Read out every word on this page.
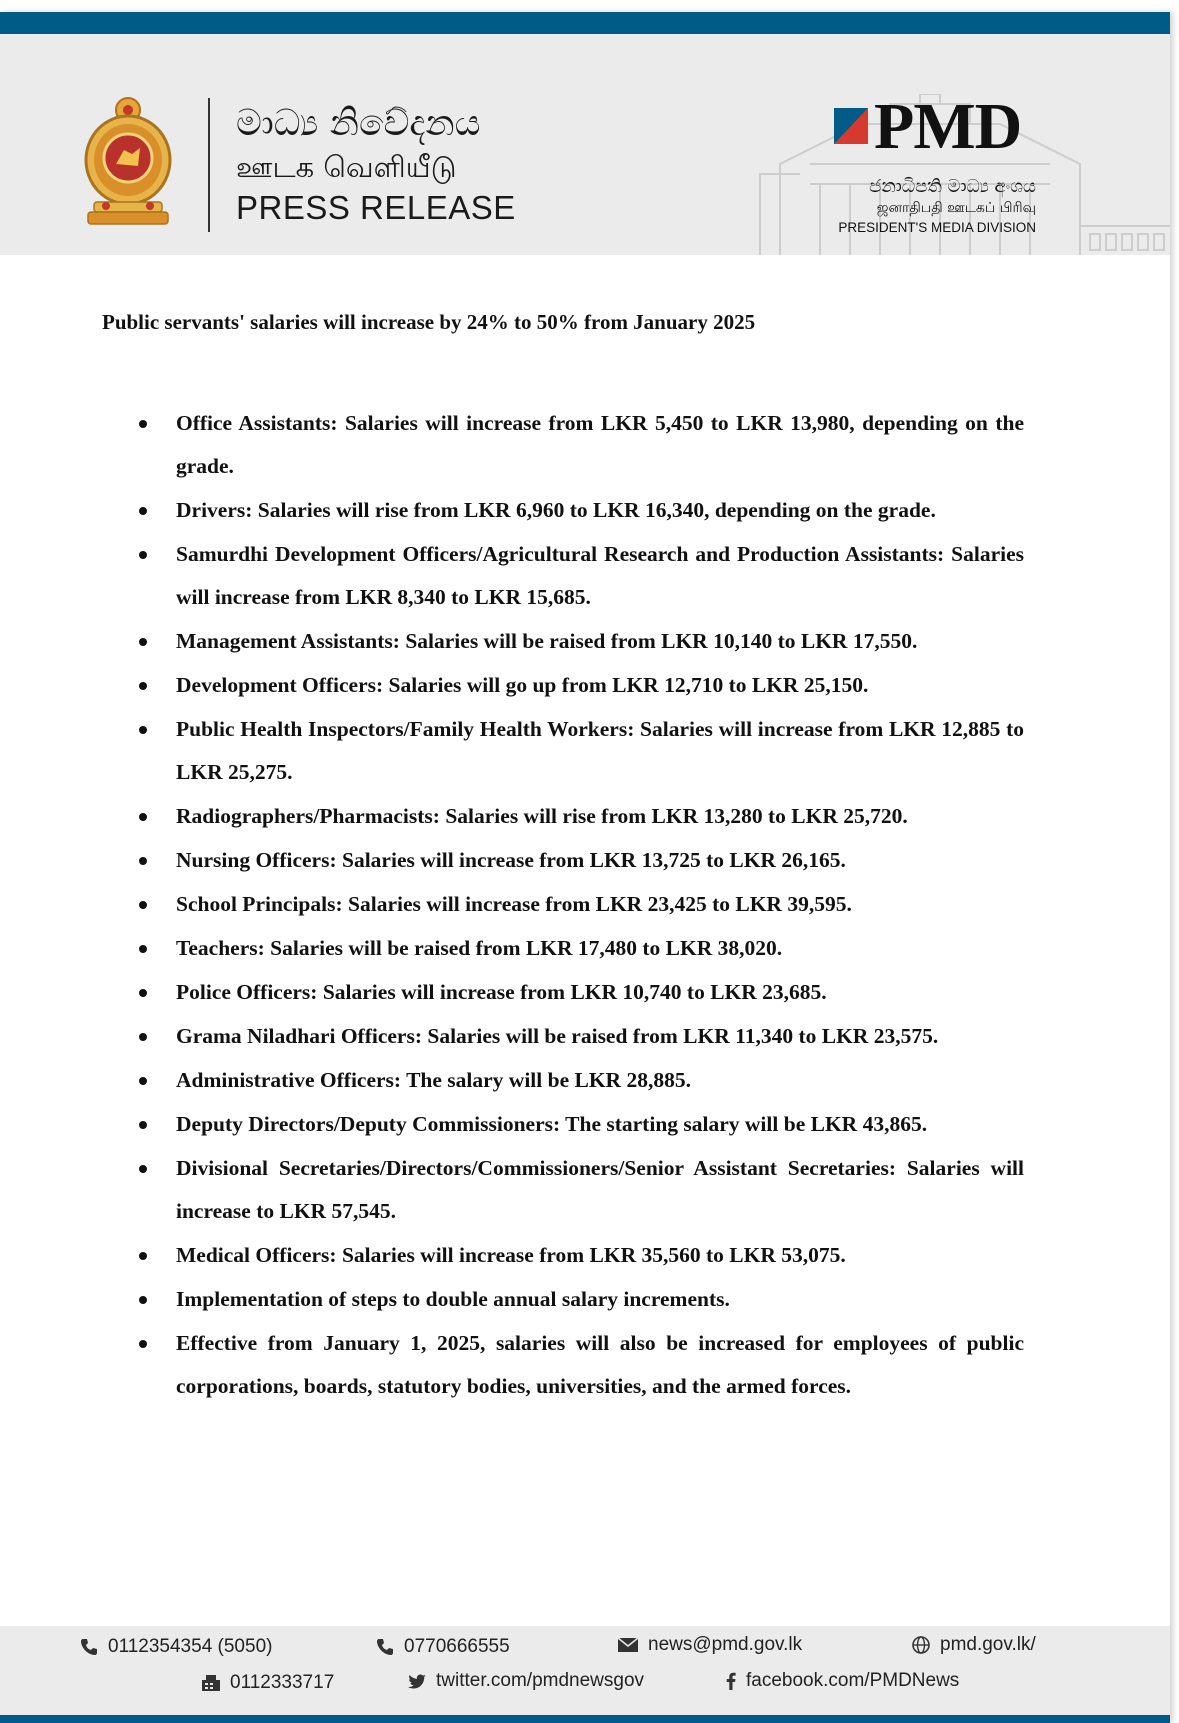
මාධ්‍ය නිවේදනය
ஊடக வெளியீடு
PRESS RELEASE
PMD
ජනාධිපති මාධ්‍ය අංශය
ஜனாதிபதி ஊடகப் பிரிவு
PRESIDENT'S MEDIA DIVISION
Public servants' salaries will increase by 24% to 50% from January 2025
Office Assistants: Salaries will increase from LKR 5,450 to LKR 13,980, depending on the grade.
Drivers: Salaries will rise from LKR 6,960 to LKR 16,340, depending on the grade.
Samurdhi Development Officers/Agricultural Research and Production Assistants: Salaries will increase from LKR 8,340 to LKR 15,685.
Management Assistants: Salaries will be raised from LKR 10,140 to LKR 17,550.
Development Officers: Salaries will go up from LKR 12,710 to LKR 25,150.
Public Health Inspectors/Family Health Workers: Salaries will increase from LKR 12,885 to LKR 25,275.
Radiographers/Pharmacists: Salaries will rise from LKR 13,280 to LKR 25,720.
Nursing Officers: Salaries will increase from LKR 13,725 to LKR 26,165.
School Principals: Salaries will increase from LKR 23,425 to LKR 39,595.
Teachers: Salaries will be raised from LKR 17,480 to LKR 38,020.
Police Officers: Salaries will increase from LKR 10,740 to LKR 23,685.
Grama Niladhari Officers: Salaries will be raised from LKR 11,340 to LKR 23,575.
Administrative Officers: The salary will be LKR 28,885.
Deputy Directors/Deputy Commissioners: The starting salary will be LKR 43,865.
Divisional Secretaries/Directors/Commissioners/Senior Assistant Secretaries: Salaries will increase to LKR 57,545.
Medical Officers: Salaries will increase from LKR 35,560 to LKR 53,075.
Implementation of steps to double annual salary increments.
Effective from January 1, 2025, salaries will also be increased for employees of public corporations, boards, statutory bodies, universities, and the armed forces.
0112354354 (5050)	0770666555	news@pmd.gov.lk	pmd.gov.lk/
0112333717	twitter.com/pmdnewsgov	facebook.com/PMDNews
